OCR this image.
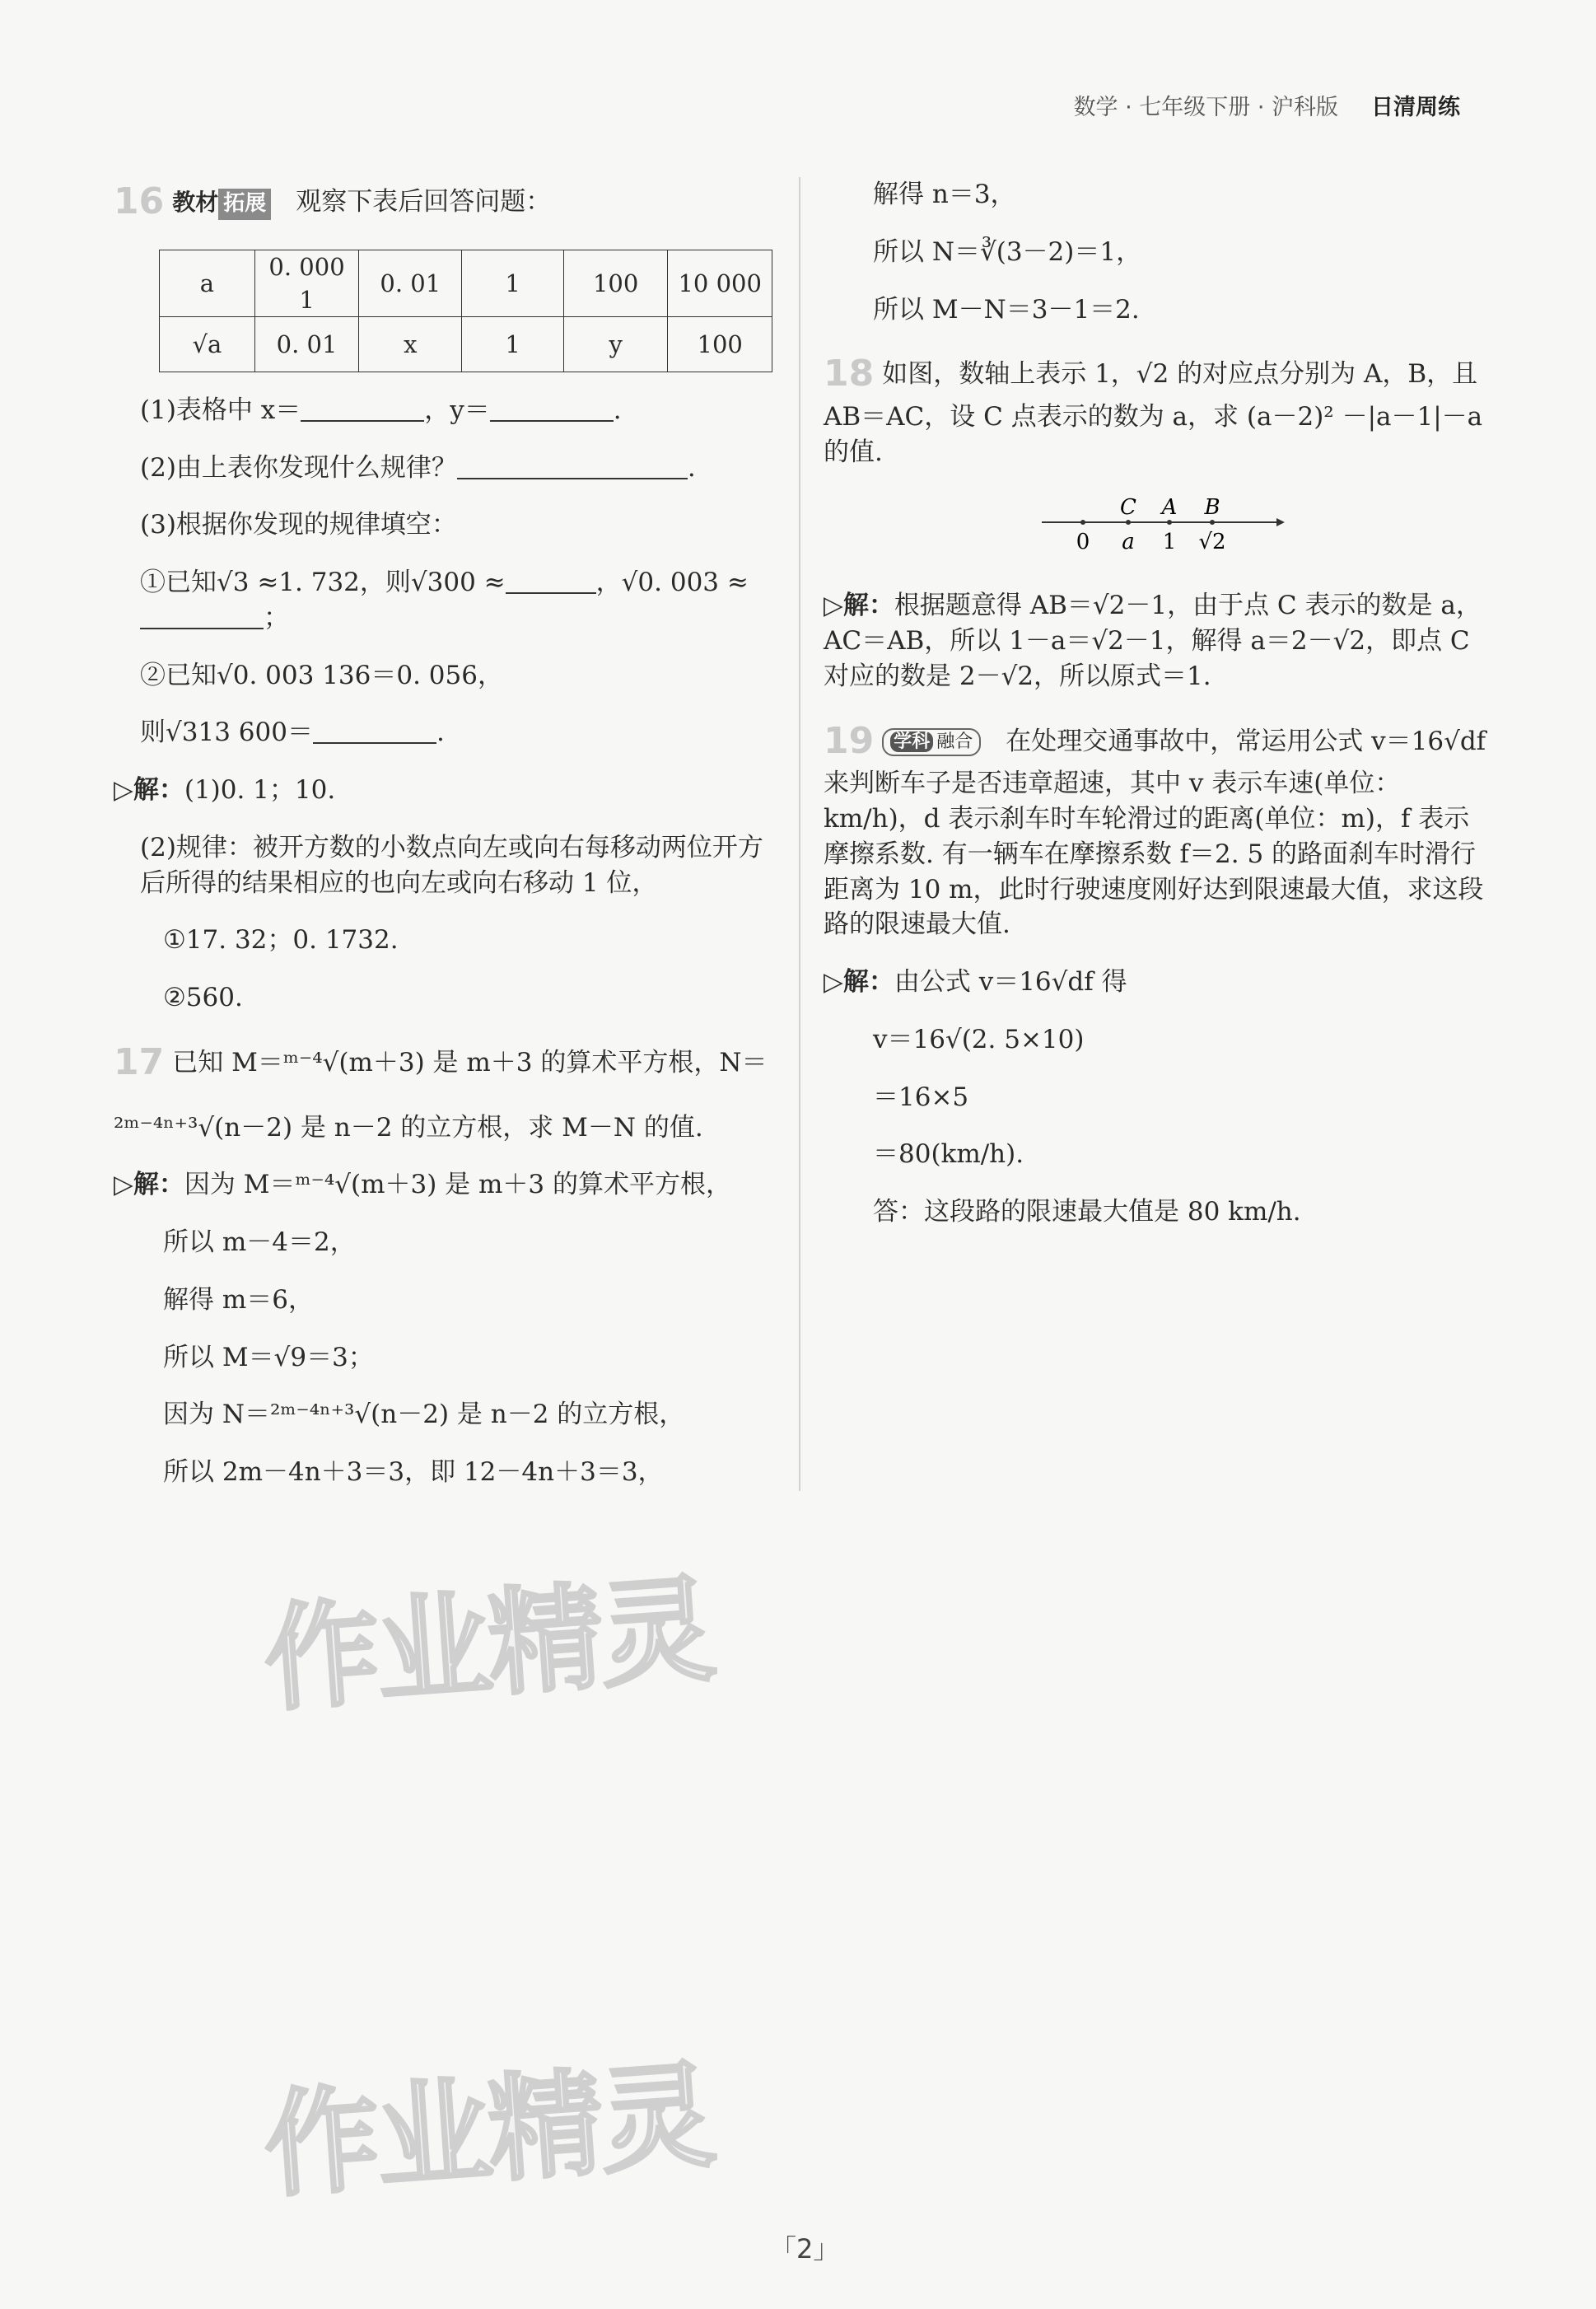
数学 · 七年级下册 · 沪科版 日清周练

16 教材 拓展 观察下表后回答问题：

a	0. 000 1	0. 01	1	100	10 000
√a	0. 01	x	1	y	100

(1)表格中 x＝	，y＝	.

(2)由上表你发现什么规律？	.

(3)根据你发现的规律填空：

①已知√3 ≈1. 732，则√300 ≈	，√0. 003 ≈
；

②已知√0. 003 136＝0. 056，

则√313 600＝	.

▷解：(1)0. 1；10.

(2)规律：被开方数的小数点向左或向右每移动两位开方后所得的结果相应的也向左或向右移动 1 位，

①17. 32；0. 1732.

②560.

17 已知 M＝ᵐ⁻⁴√(m＋3) 是 m＋3 的算术平方根，N＝

²ᵐ⁻⁴ⁿ⁺³√(n－2) 是 n－2 的立方根，求 M－N 的值.

▷解：因为 M＝ᵐ⁻⁴√(m＋3) 是 m＋3 的算术平方根，

所以 m－4＝2，

解得 m＝6，

所以 M＝√9＝3；

因为 N＝²ᵐ⁻⁴ⁿ⁺³√(n－2) 是 n－2 的立方根，

所以 2m－4n＋3＝3，即 12－4n＋3＝3，

解得 n＝3，

所以 N＝∛(3－2)＝1，

所以 M－N＝3－1＝2.

18 如图，数轴上表示 1，√2 的对应点分别为 A，B，且 AB＝AC，设 C 点表示的数为 a，求 (a－2)² －|a－1|－a 的值.

C A B
0 a 1 √2

▷解：根据题意得 AB＝√2－1，由于点 C 表示的数是 a，AC＝AB，所以 1－a＝√2－1，解得 a＝2－√2，即点 C 对应的数是 2－√2，所以原式＝1.

19 学科 融合 在处理交通事故中，常运用公式 v＝16√df 来判断车子是否违章超速，其中 v 表示车速(单位：km/h)，d 表示刹车时车轮滑过的距离(单位：m)，f 表示摩擦系数. 有一辆车在摩擦系数 f＝2. 5 的路面刹车时滑行距离为 10 m，此时行驶速度刚好达到限速最大值，求这段路的限速最大值.

▷解：由公式 v＝16√df 得

v＝16√(2. 5×10)

＝16×5

＝80(km/h).

答：这段路的限速最大值是 80 km/h.

作业精灵
作业精灵
「2」
